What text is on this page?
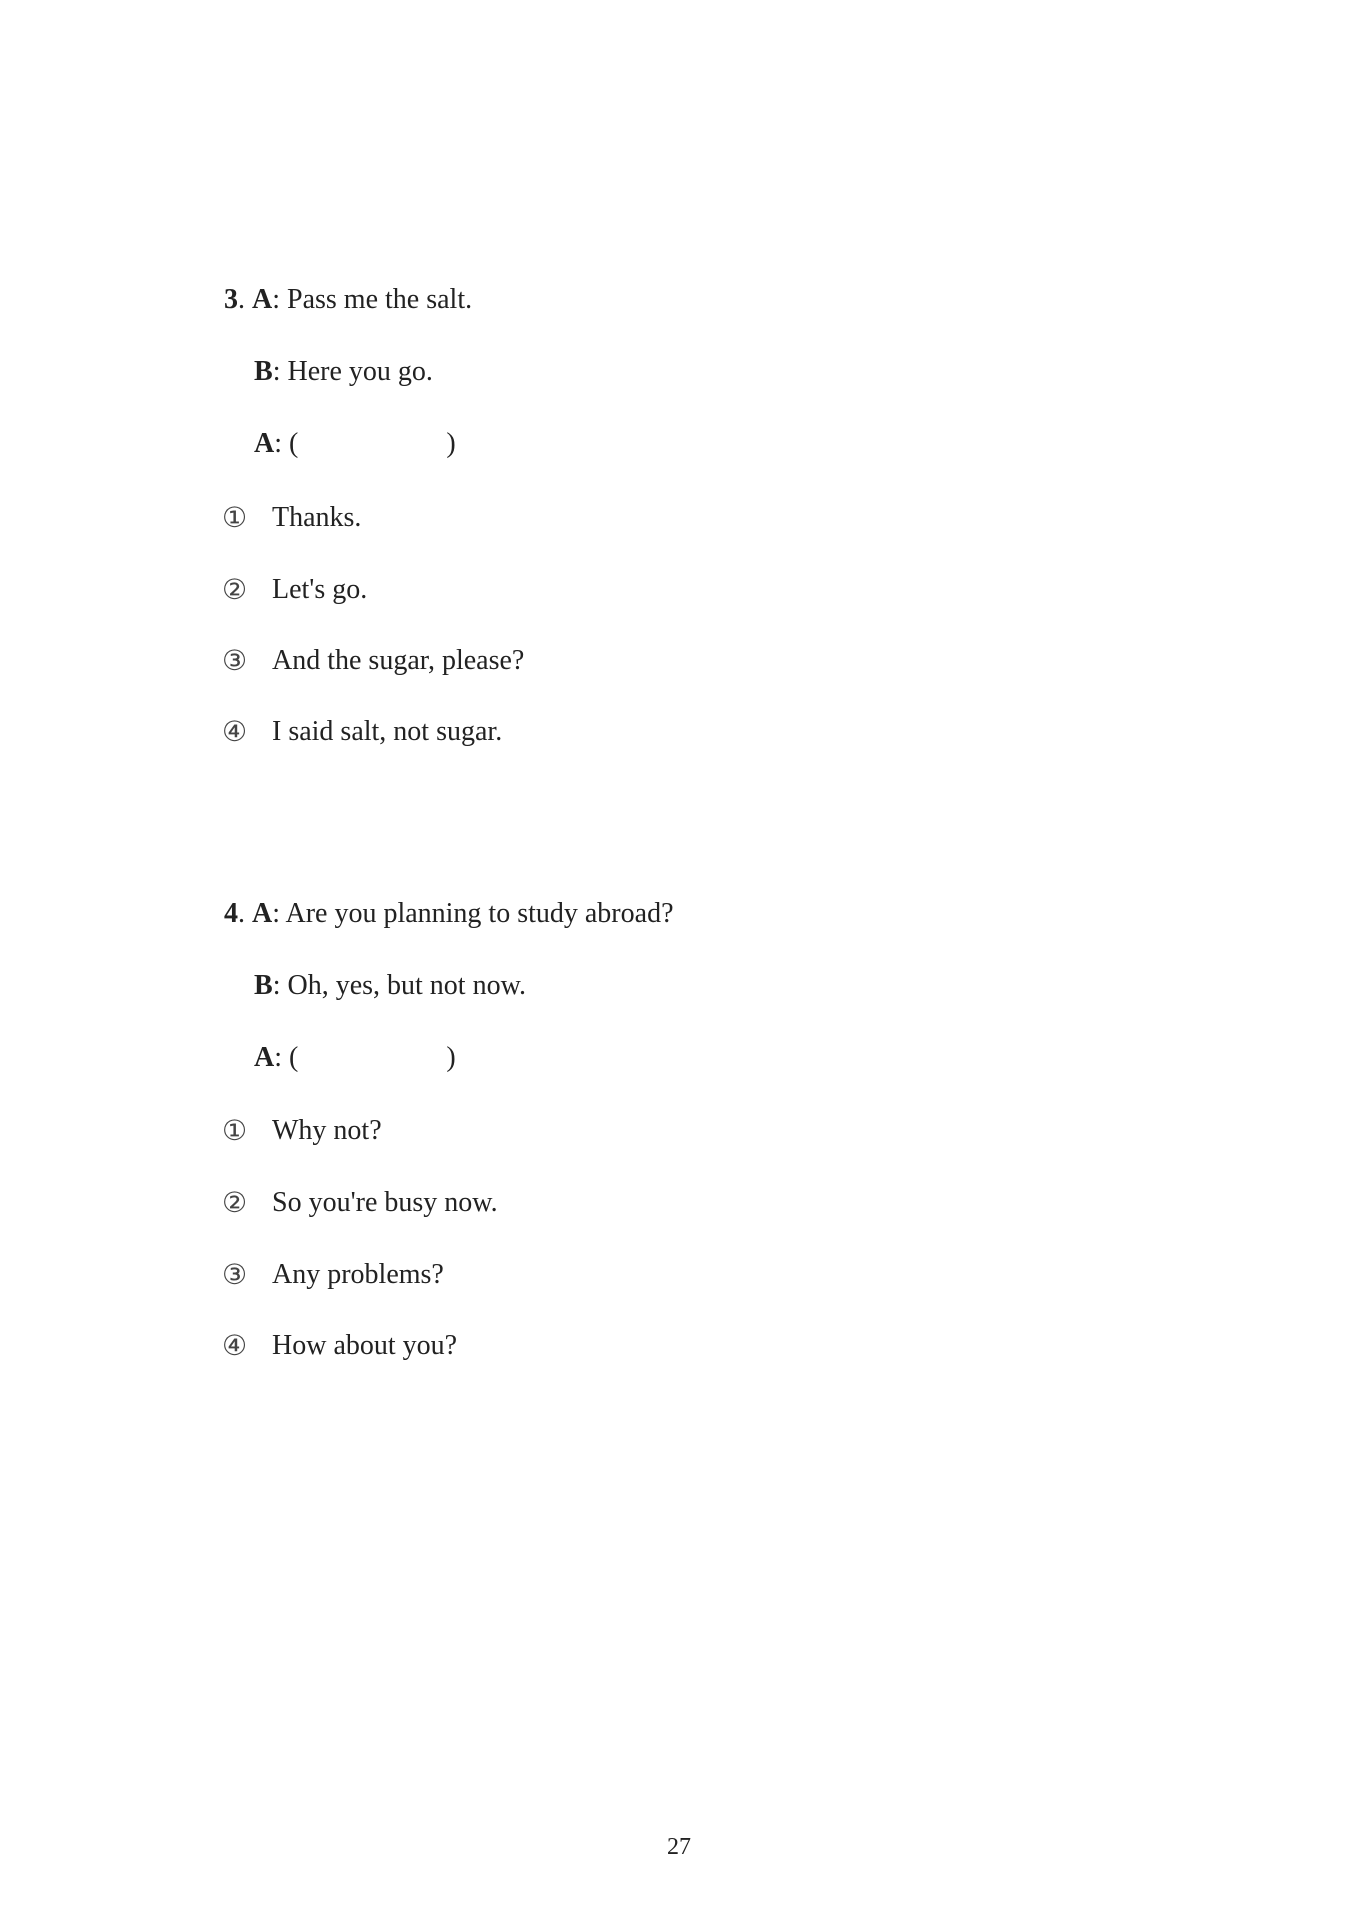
3. A: Pass me the salt.
B: Here you go.
A: (	)
① Thanks.
② Let's go.
③ And the sugar, please?
④ I said salt, not sugar.
4. A: Are you planning to study abroad?
B: Oh, yes, but not now.
A: (	)
① Why not?
② So you're busy now.
③ Any problems?
④ How about you?
27
